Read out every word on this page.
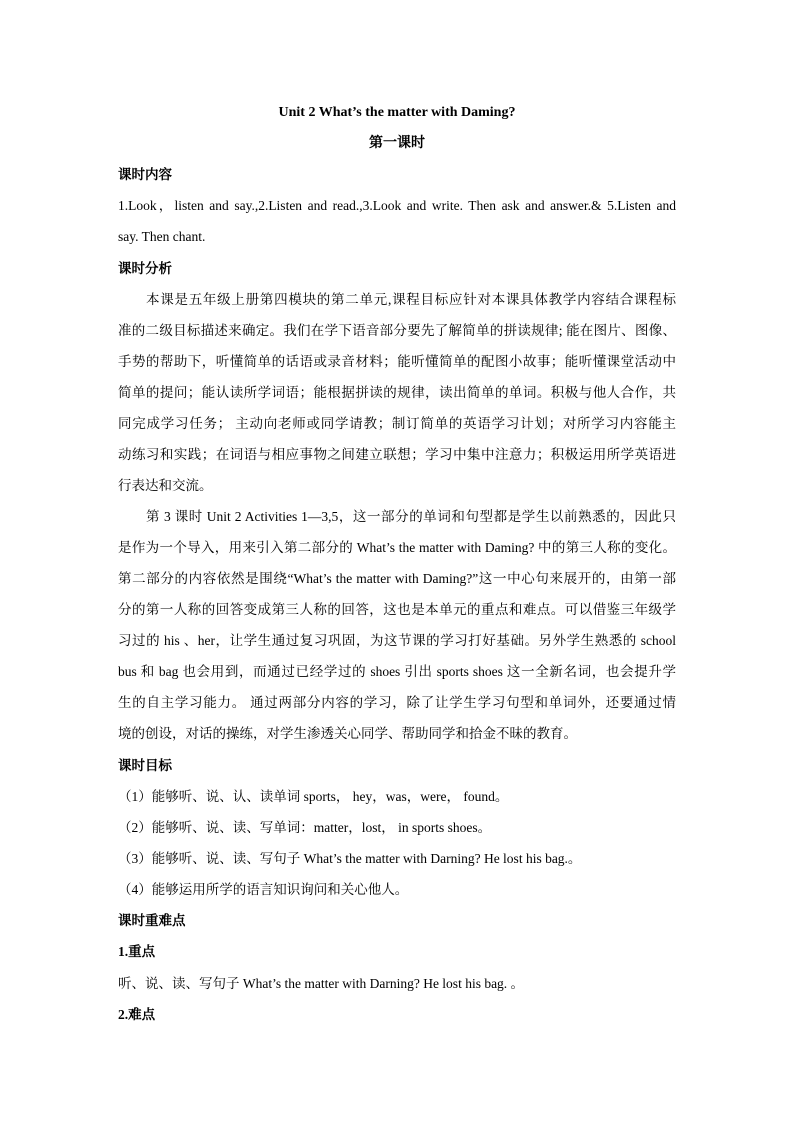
Unit 2 What’s the matter with Daming?
第一课时
课时内容
1.Look，listen and say.,2.Listen and read.,3.Look and write. Then ask and answer.& 5.Listen and
say. Then chant.
课时分析
本课是五年级上册第四模块的第二单元,课程目标应针对本课具体教学内容结合课程标
准的二级目标描述来确定。我们在学下语音部分要先了解简单的拼读规律; 能在图片、图像、
手势的帮助下，听懂简单的话语或录音材料；能听懂简单的配图小故事；能听懂课堂活动中
简单的提问；能认读所学词语；能根据拼读的规律，读出简单的单词。积极与他人合作，共
同完成学习任务； 主动向老师或同学请教；制订简单的英语学习计划；对所学习内容能主
动练习和实践；在词语与相应事物之间建立联想；学习中集中注意力；积极运用所学英语进
行表达和交流。
第 3 课时 Unit 2 Activities 1—3,5，这一部分的单词和句型都是学生以前熟悉的，因此只
是作为一个导入，用来引入第二部分的 What’s the matter with Daming? 中的第三人称的变化。
第二部分的内容依然是围绕“What’s the matter with Daming?”这一中心句来展开的，由第一部
分的第一人称的回答变成第三人称的回答，这也是本单元的重点和难点。可以借鉴三年级学
习过的 his 、her，让学生通过复习巩固，为这节课的学习打好基础。另外学生熟悉的 school
bus 和 bag 也会用到，而通过已经学过的 shoes 引出 sports shoes 这一全新名词，也会提升学
生的自主学习能力。 通过两部分内容的学习，除了让学生学习句型和单词外，还要通过情
境的创设，对话的操练，对学生渗透关心同学、帮助同学和拾金不昧的教育。
课时目标
（1）能够听、说、认、读单词 sports， hey，was，were， found。
（2）能够听、说、读、写单词：matter，lost， in sports shoes。
（3）能够听、说、读、写句子 What’s the matter with Darning? He lost his bag.。
（4）能够运用所学的语言知识询问和关心他人。
课时重难点
1.重点
听、说、读、写句子 What’s the matter with Darning? He lost his bag. 。
2.难点
